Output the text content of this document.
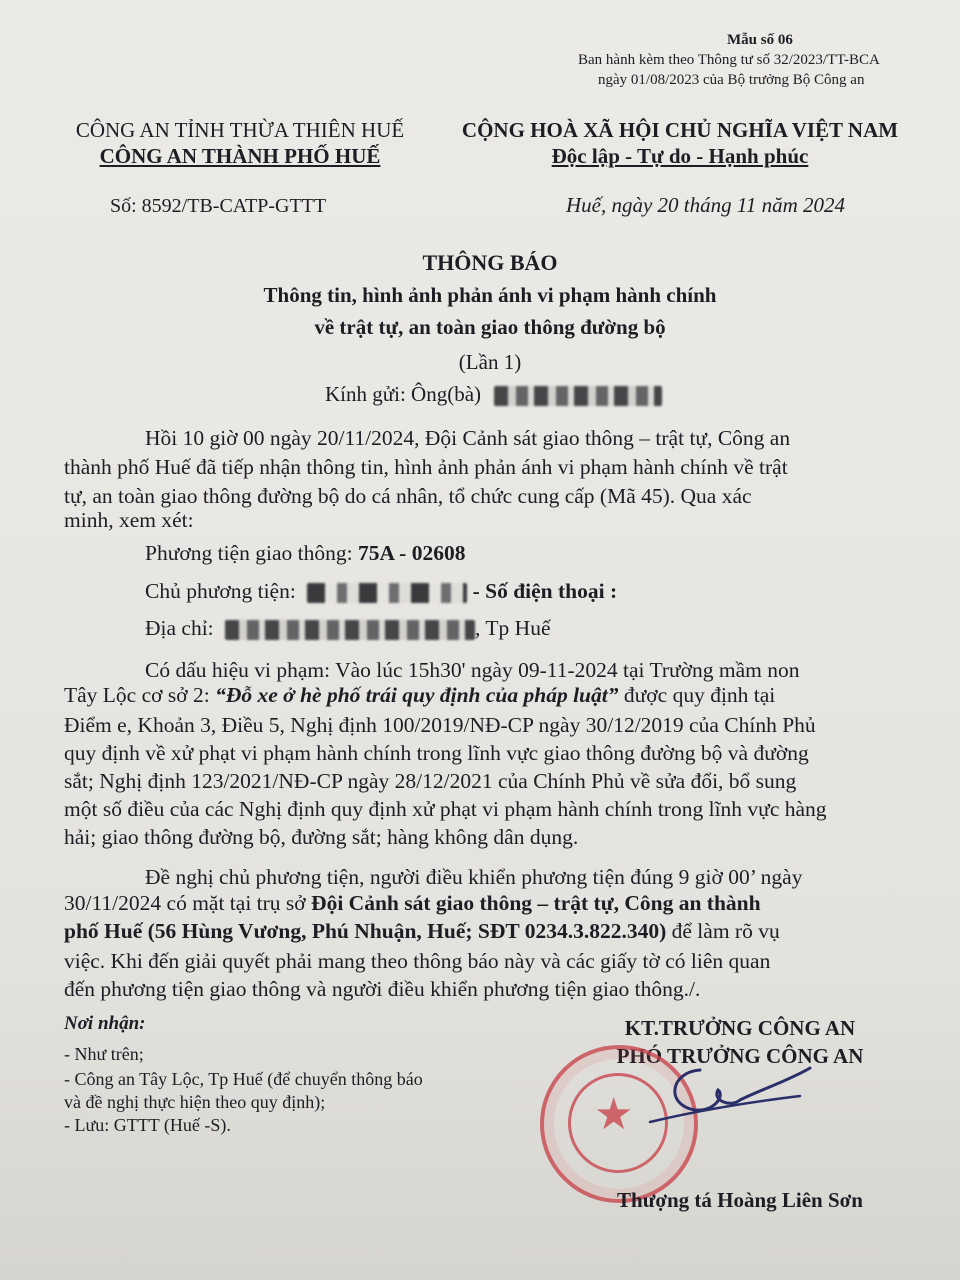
Mẫu số 06
Ban hành kèm theo Thông tư số 32/2023/TT-BCA
ngày 01/08/2023 của Bộ trưởng Bộ Công an
CÔNG AN TỈNH THỪA THIÊN HUẾ
CÔNG AN THÀNH PHỐ HUẾ
Số: 8592/TB-CATP-GTTT
CỘNG HOÀ XÃ HỘI CHỦ NGHĨA VIỆT NAM
Độc lập - Tự do - Hạnh phúc
Huế, ngày 20 tháng 11 năm 2024
THÔNG BÁO
Thông tin, hình ảnh phản ánh vi phạm hành chính
về trật tự, an toàn giao thông đường bộ
(Lần 1)
Kính gửi: Ông(bà)
Hồi 10 giờ 00 ngày 20/11/2024, Đội Cảnh sát giao thông – trật tự, Công an
thành phố Huế đã tiếp nhận thông tin, hình ảnh phản ánh vi phạm hành chính về trật
tự, an toàn giao thông đường bộ do cá nhân, tổ chức cung cấp (Mã 45). Qua xác
minh, xem xét:
Phương tiện giao thông: 75A - 02608
Chủ phương tiện:	- Số điện thoại :
Địa chỉ:	, Tp Huế
Có dấu hiệu vi phạm: Vào lúc 15h30' ngày 09-11-2024 tại Trường mầm non
Tây Lộc cơ sở 2: “Đỗ xe ở hè phố trái quy định của pháp luật” được quy định tại
Điểm e, Khoản 3, Điều 5, Nghị định 100/2019/NĐ-CP ngày 30/12/2019 của Chính Phủ
quy định về xử phạt vi phạm hành chính trong lĩnh vực giao thông đường bộ và đường
sắt; Nghị định 123/2021/NĐ-CP ngày 28/12/2021 của Chính Phủ về sửa đổi, bổ sung
một số điều của các Nghị định quy định xử phạt vi phạm hành chính trong lĩnh vực hàng
hải; giao thông đường bộ, đường sắt; hàng không dân dụng.
Đề nghị chủ phương tiện, người điều khiển phương tiện đúng 9 giờ 00’ ngày
30/11/2024 có mặt tại trụ sở Đội Cảnh sát giao thông – trật tự, Công an thành
phố Huế (56 Hùng Vương, Phú Nhuận, Huế; SĐT 0234.3.822.340) để làm rõ vụ
việc. Khi đến giải quyết phải mang theo thông báo này và các giấy tờ có liên quan
đến phương tiện giao thông và người điều khiển phương tiện giao thông./.
Nơi nhận:
- Như trên;
- Công an Tây Lộc, Tp Huế (để chuyển thông báo
và đề nghị thực hiện theo quy định);
- Lưu: GTTT (Huế -S).
KT.TRƯỞNG CÔNG AN
PHÓ TRƯỞNG CÔNG AN
★
Thượng tá Hoàng Liên Sơn
